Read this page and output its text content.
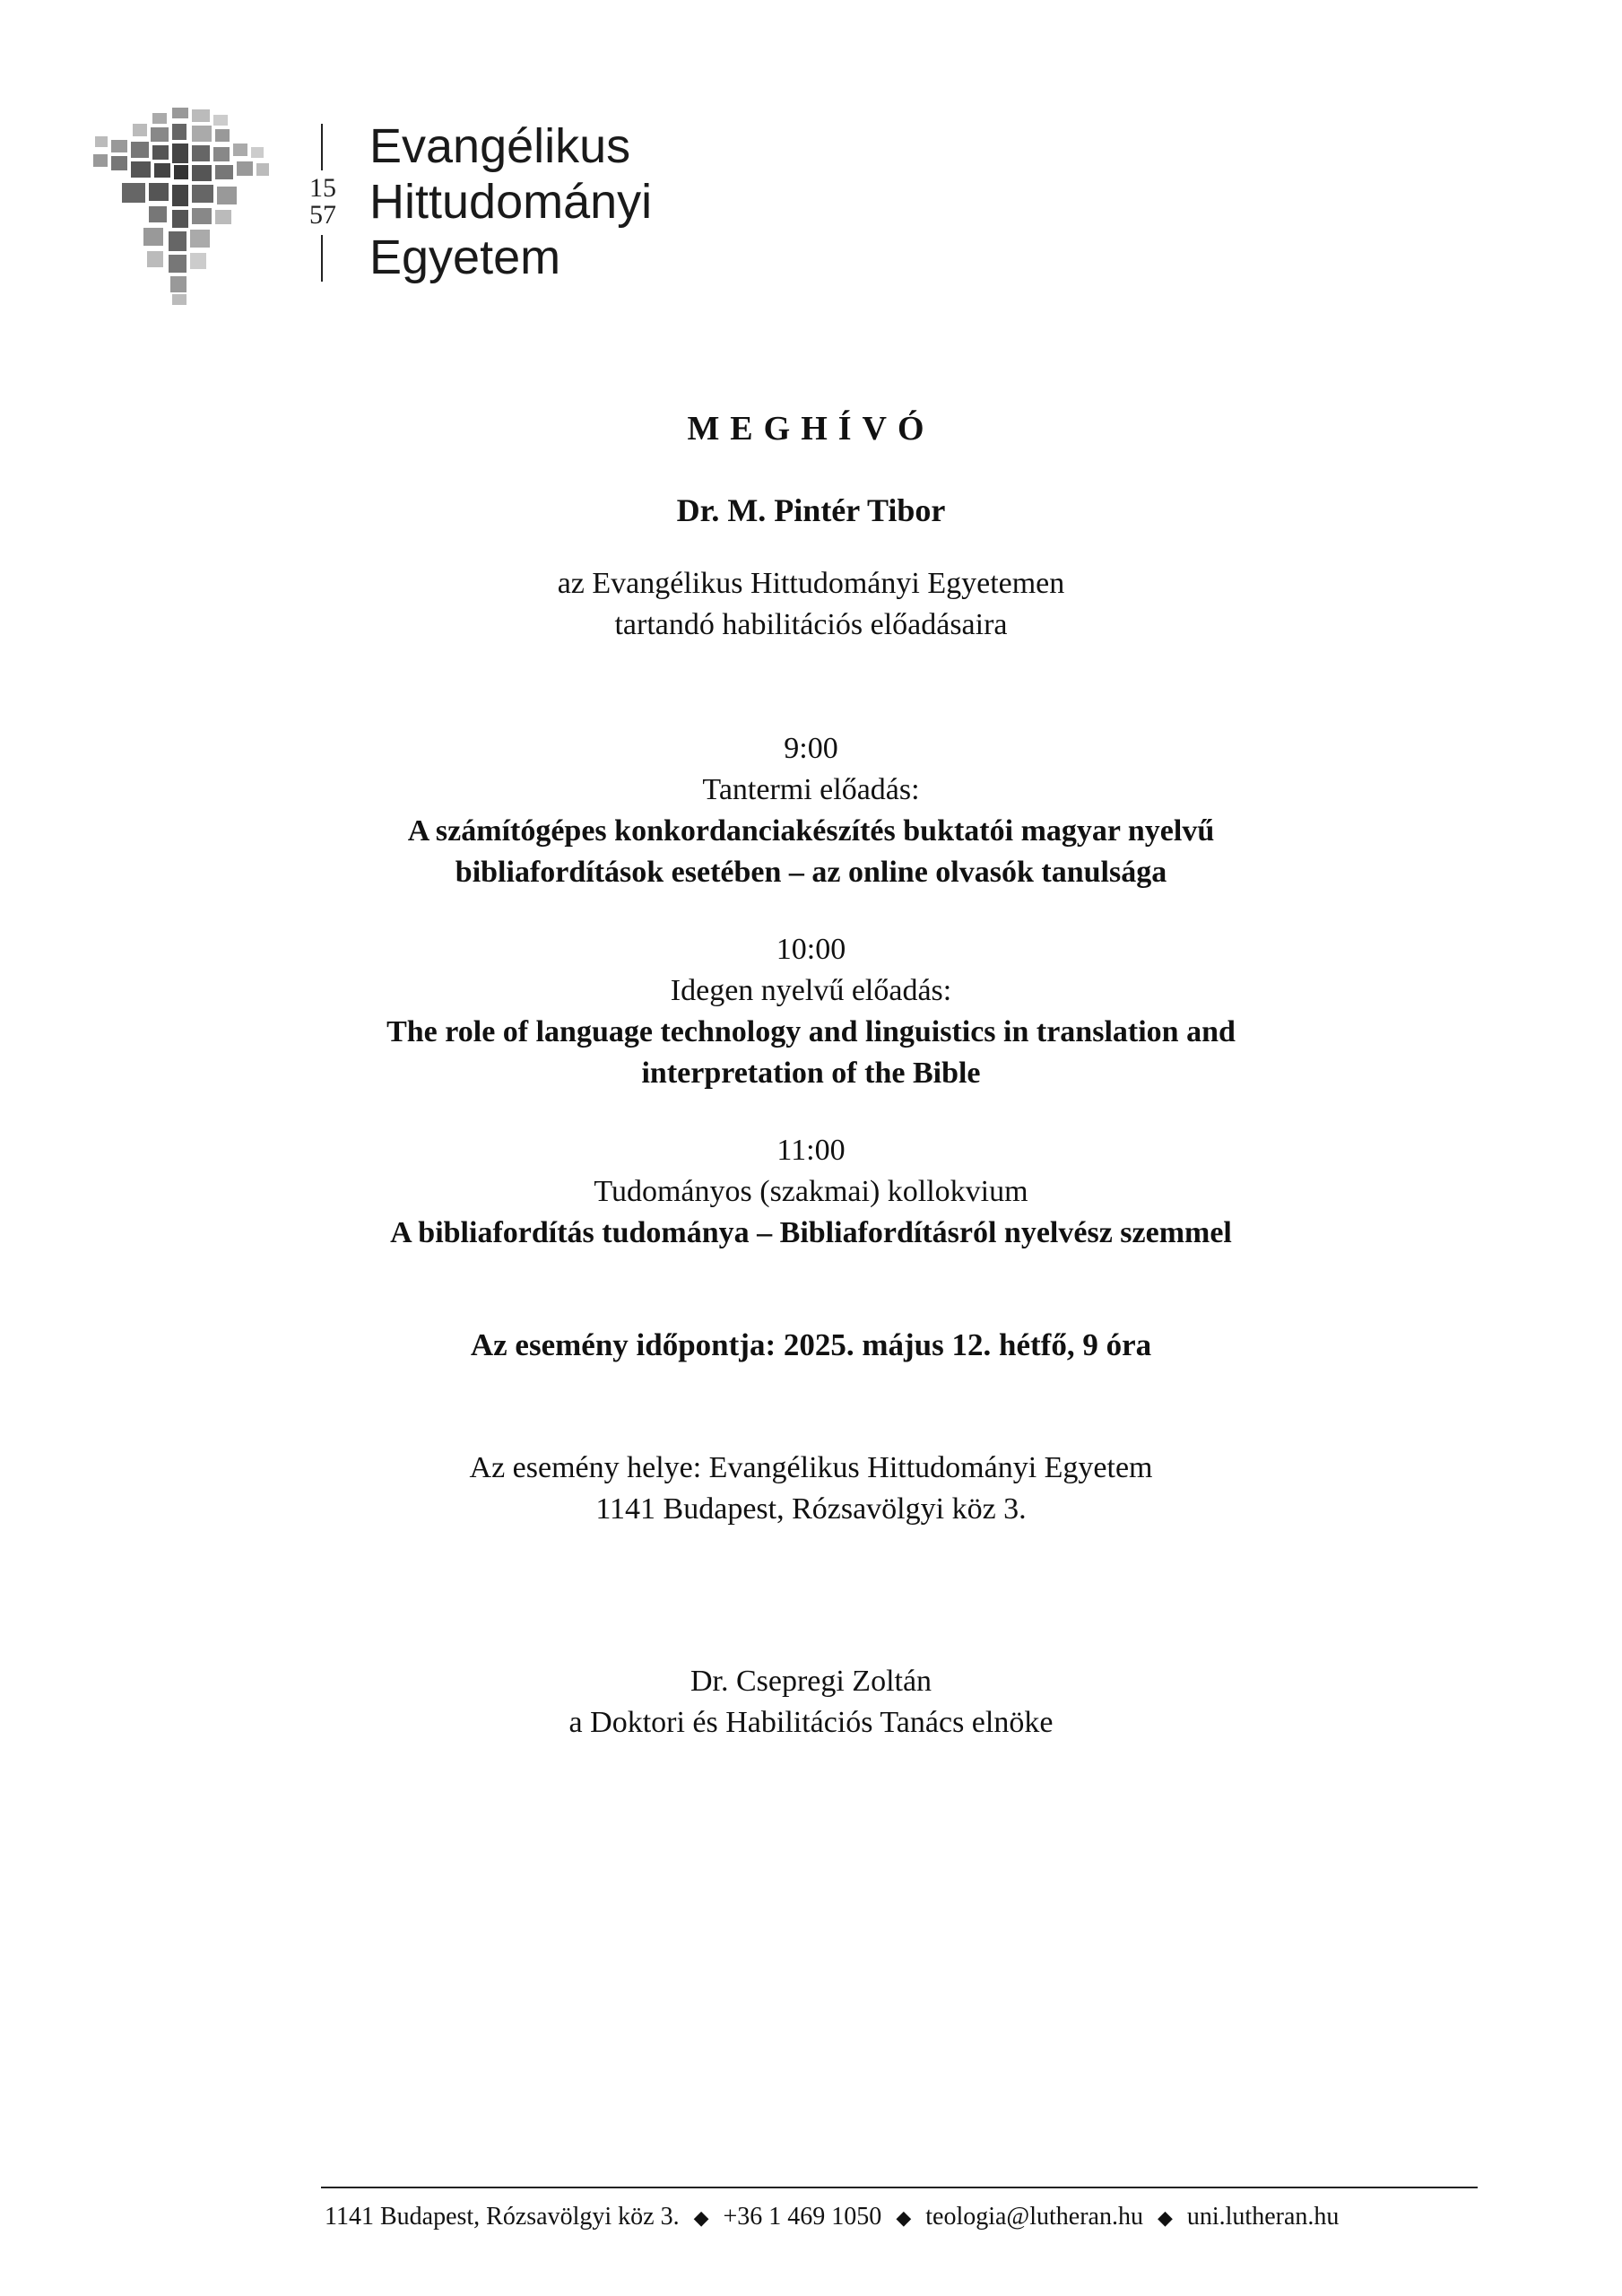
15
57
Evangélikus
Hittudományi
Egyetem
MEGHÍVÓ
Dr. M. Pintér Tibor
az Evangélikus Hittudományi Egyetemen
tartandó habilitációs előadásaira
9:00
Tantermi előadás:
A számítógépes konkordanciakészítés buktatói magyar nyelvű
bibliafordítások esetében – az online olvasók tanulsága
10:00
Idegen nyelvű előadás:
The role of language technology and linguistics in translation and
interpretation of the Bible
11:00
Tudományos (szakmai) kollokvium
A bibliafordítás tudománya – Bibliafordításról nyelvész szemmel
Az esemény időpontja: 2025. május 12. hétfő, 9 óra
Az esemény helye: Evangélikus Hittudományi Egyetem
1141 Budapest, Rózsavölgyi köz 3.
Dr. Csepregi Zoltán
a Doktori és Habilitációs Tanács elnöke
1141 Budapest, Rózsavölgyi köz 3. ◆ +36 1 469 1050 ◆ teologia@lutheran.hu ◆ uni.lutheran.hu
